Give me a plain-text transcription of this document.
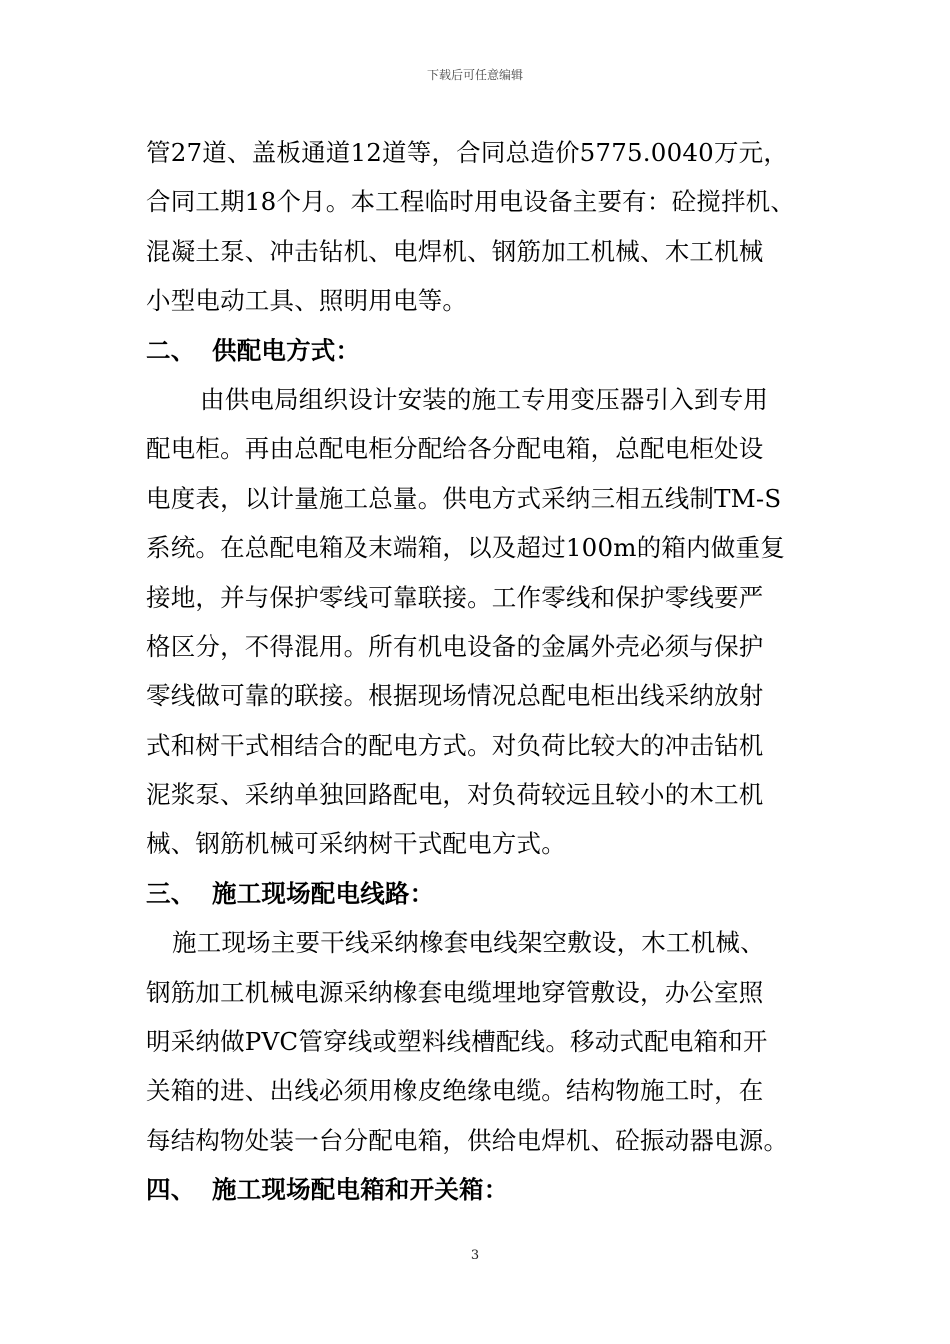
下载后可任意编辑
管27道、盖板通道12道等，合同总造价5775.0040万元，
合同工期18个月。本工程临时用电设备主要有：砼搅拌机、
混凝土泵、冲击钻机、电焊机、钢筋加工机械、木工机械
小型电动工具、照明用电等。
二、 供配电方式：
由供电局组织设计安装的施工专用变压器引入到专用
配电柜。再由总配电柜分配给各分配电箱，总配电柜处设
电度表，以计量施工总量。供电方式采纳三相五线制TM-S
系统。在总配电箱及末端箱，以及超过100m的箱内做重复
接地，并与保护零线可靠联接。工作零线和保护零线要严
格区分，不得混用。所有机电设备的金属外壳必须与保护
零线做可靠的联接。根据现场情况总配电柜出线采纳放射
式和树干式相结合的配电方式。对负荷比较大的冲击钻机
泥浆泵、采纳单独回路配电，对负荷较远且较小的木工机
械、钢筋机械可采纳树干式配电方式。
三、 施工现场配电线路：
施工现场主要干线采纳橡套电线架空敷设，木工机械、
钢筋加工机械电源采纳橡套电缆埋地穿管敷设，办公室照
明采纳做PVC管穿线或塑料线槽配线。移动式配电箱和开
关箱的进、出线必须用橡皮绝缘电缆。结构物施工时，在
每结构物处装一台分配电箱，供给电焊机、砼振动器电源。
四、 施工现场配电箱和开关箱：
3
